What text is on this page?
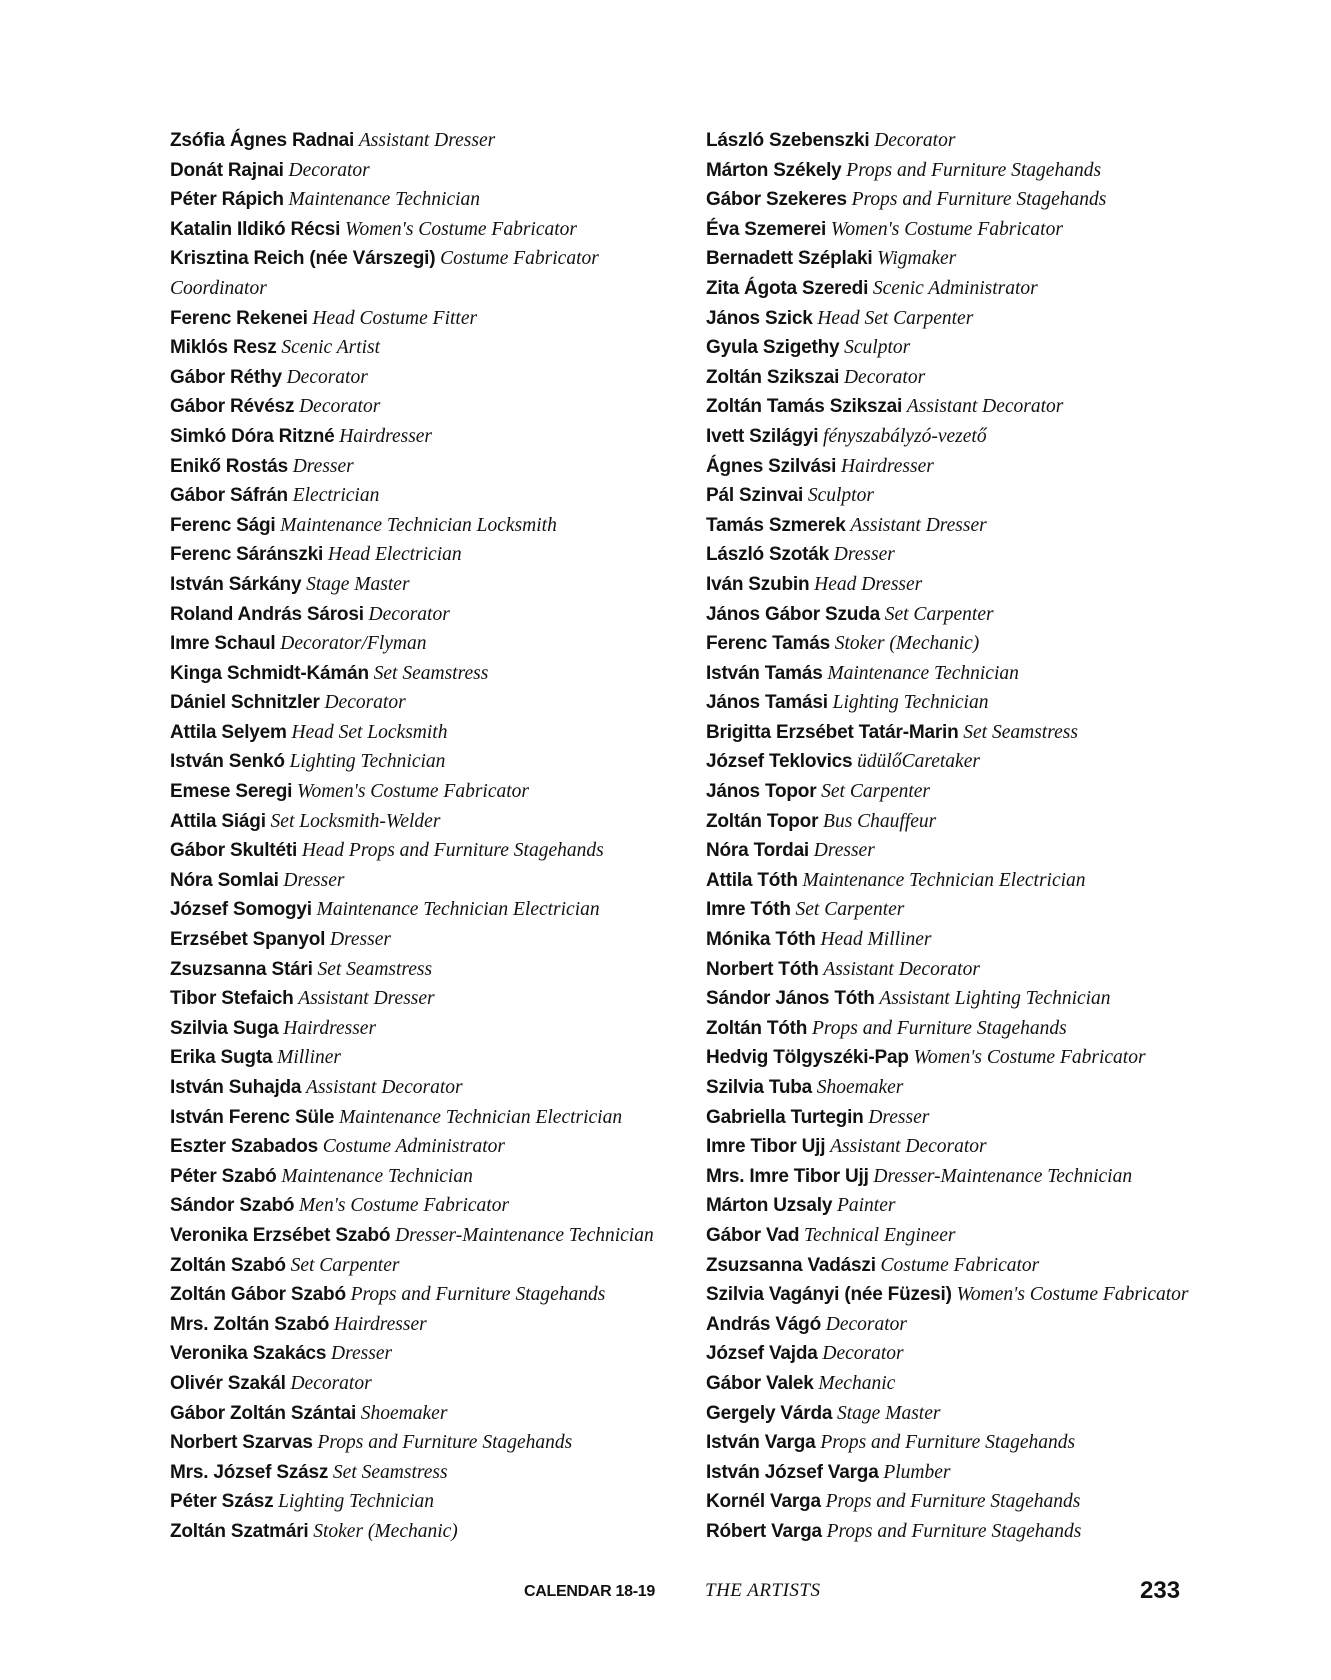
Zsófia Ágnes Radnai Assistant Dresser
Donát Rajnai Decorator
Péter Rápich Maintenance Technician
Katalin Ildikó Récsi Women's Costume Fabricator
Krisztina Reich (née Várszegi) Costume Fabricator Coordinator
Ferenc Rekenei Head Costume Fitter
Miklós Resz Scenic Artist
Gábor Réthy Decorator
Gábor Révész Decorator
Simkó Dóra Ritzné Hairdresser
Enikő Rostás Dresser
Gábor Sáfrán Electrician
Ferenc Sági Maintenance Technician Locksmith
Ferenc Sáránszki Head Electrician
István Sárkány Stage Master
Roland András Sárosi Decorator
Imre Schaul Decorator/Flyman
Kinga Schmidt-Kámán Set Seamstress
Dániel Schnitzler Decorator
Attila Selyem Head Set Locksmith
István Senkó Lighting Technician
Emese Seregi Women's Costume Fabricator
Attila Siági Set Locksmith-Welder
Gábor Skultéti Head Props and Furniture Stagehands
Nóra Somlai Dresser
József Somogyi Maintenance Technician Electrician
Erzsébet Spanyol Dresser
Zsuzsanna Stári Set Seamstress
Tibor Stefaich Assistant Dresser
Szilvia Suga Hairdresser
Erika Sugta Milliner
István Suhajda Assistant Decorator
István Ferenc Süle Maintenance Technician Electrician
Eszter Szabados Costume Administrator
Péter Szabó Maintenance Technician
Sándor Szabó Men's Costume Fabricator
Veronika Erzsébet Szabó Dresser-Maintenance Technician
Zoltán Szabó Set Carpenter
Zoltán Gábor Szabó Props and Furniture Stagehands
Mrs. Zoltán Szabó Hairdresser
Veronika Szakács Dresser
Olivér Szakál Decorator
Gábor Zoltán Szántai Shoemaker
Norbert Szarvas Props and Furniture Stagehands
Mrs. József Szász Set Seamstress
Péter Szász Lighting Technician
Zoltán Szatmári Stoker (Mechanic)
László Szebenszki Decorator
Márton Székely Props and Furniture Stagehands
Gábor Szekeres Props and Furniture Stagehands
Éva Szemerei Women's Costume Fabricator
Bernadett Széplaki Wigmaker
Zita Ágota Szeredi Scenic Administrator
János Szick Head Set Carpenter
Gyula Szigethy Sculptor
Zoltán Szikszai Decorator
Zoltán Tamás Szikszai Assistant Decorator
Ivett Szilágyi fényszabályzó-vezető
Ágnes Szilvási Hairdresser
Pál Szinvai Sculptor
Tamás Szmerek Assistant Dresser
László Szoták Dresser
Iván Szubin Head Dresser
János Gábor Szuda Set Carpenter
Ferenc Tamás Stoker (Mechanic)
István Tamás Maintenance Technician
János Tamási Lighting Technician
Brigitta Erzsébet Tatár-Marin Set Seamstress
József Teklovics üdülőCaretaker
János Topor Set Carpenter
Zoltán Topor Bus Chauffeur
Nóra Tordai Dresser
Attila Tóth Maintenance Technician Electrician
Imre Tóth Set Carpenter
Mónika Tóth Head Milliner
Norbert Tóth Assistant Decorator
Sándor János Tóth Assistant Lighting Technician
Zoltán Tóth Props and Furniture Stagehands
Hedvig Tölgyszéki-Pap Women's Costume Fabricator
Szilvia Tuba Shoemaker
Gabriella Turtegin Dresser
Imre Tibor Ujj Assistant Decorator
Mrs. Imre Tibor Ujj Dresser-Maintenance Technician
Márton Uzsaly Painter
Gábor Vad Technical Engineer
Zsuzsanna Vadászi Costume Fabricator
Szilvia Vagányi (née Füzesi) Women's Costume Fabricator
András Vágó Decorator
József Vajda Decorator
Gábor Valek Mechanic
Gergely Várda Stage Master
István Varga Props and Furniture Stagehands
István József Varga Plumber
Kornél Varga Props and Furniture Stagehands
Róbert Varga Props and Furniture Stagehands
CALENDAR 18-19	THE ARTISTS	233
